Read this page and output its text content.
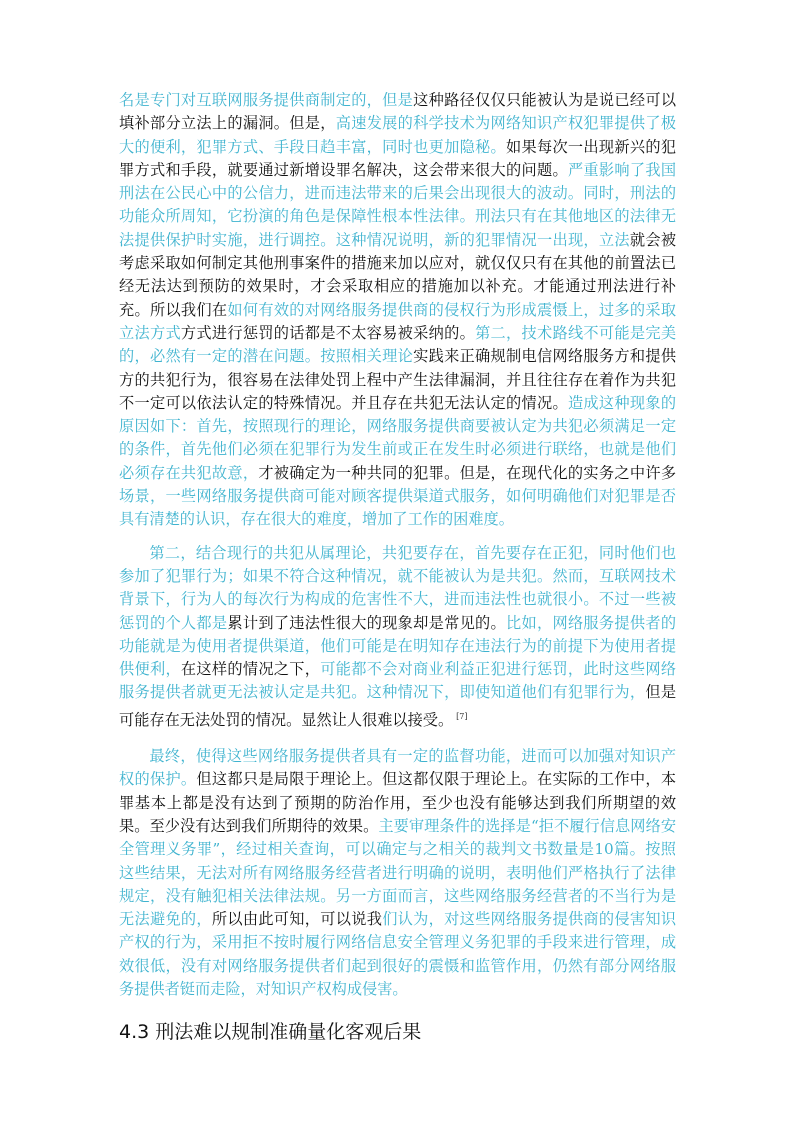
名是专门对互联网服务提供商制定的，但是这种路径仅仅只能被认为是说已经可以填补部分立法上的漏洞。但是，高速发展的科学技术为网络知识产权犯罪提供了极大的便利，犯罪方式、手段日趋丰富，同时也更加隐秘。如果每次一出现新兴的犯罪方式和手段，就要通过新增设罪名解决，这会带来很大的问题。严重影响了我国刑法在公民心中的公信力，进而违法带来的后果会出现很大的波动。同时，刑法的功能众所周知，它扮演的角色是保障性根本性法律。刑法只有在其他地区的法律无法提供保护时实施，进行调控。这种情况说明，新的犯罪情况一出现，立法就会被考虑采取如何制定其他刑事案件的措施来加以应对，就仅仅只有在其他的前置法已经无法达到预防的效果时，才会采取相应的措施加以补充。才能通过刑法进行补充。所以我们在如何有效的对网络服务提供商的侵权行为形成震慑上，过多的采取立法方式方式进行惩罚的话都是不太容易被采纳的。第二，技术路线不可能是完美的，必然有一定的潜在问题。按照相关理论实践来正确规制电信网络服务方和提供方的共犯行为，很容易在法律处罚上程中产生法律漏洞，并且往往存在着作为共犯不一定可以依法认定的特殊情况。并且存在共犯无法认定的情况。造成这种现象的原因如下：首先，按照现行的理论，网络服务提供商要被认定为共犯必须满足一定的条件，首先他们必须在犯罪行为发生前或正在发生时必须进行联络，也就是他们必须存在共犯故意，才被确定为一种共同的犯罪。但是，在现代化的实务之中许多场景，一些网络服务提供商可能对顾客提供渠道式服务，如何明确他们对犯罪是否具有清楚的认识，存在很大的难度，增加了工作的困难度。

第二，结合现行的共犯从属理论，共犯要存在，首先要存在正犯，同时他们也参加了犯罪行为；如果不符合这种情况，就不能被认为是共犯。然而，互联网技术背景下，行为人的每次行为构成的危害性不大，进而违法性也就很小。不过一些被惩罚的个人都是累计到了违法性很大的现象却是常见的。比如，网络服务提供者的功能就是为使用者提供渠道，他们可能是在明知存在违法行为的前提下为使用者提供便利，在这样的情况之下，可能都不会对商业利益正犯进行惩罚，此时这些网络服务提供者就更无法被认定是共犯。这种情况下，即使知道他们有犯罪行为，但是可能存在无法处罚的情况。显然让人很难以接受。 [7]

最终，使得这些网络服务提供者具有一定的监督功能，进而可以加强对知识产权的保护。但这都只是局限于理论上。但这都仅限于理论上。在实际的工作中，本罪基本上都是没有达到了预期的防治作用，至少也没有能够达到我们所期望的效果。至少没有达到我们所期待的效果。主要审理条件的选择是“拒不履行信息网络安全管理义务罪”，经过相关查询，可以确定与之相关的裁判文书数量是10篇。按照这些结果，无法对所有网络服务经营者进行明确的说明，表明他们严格执行了法律规定，没有触犯相关法律法规。另一方面而言，这些网络服务经营者的不当行为是无法避免的，所以由此可知，可以说我们认为，对这些网络服务提供商的侵害知识产权的行为，采用拒不按时履行网络信息安全管理义务犯罪的手段来进行管理，成效很低，没有对网络服务提供者们起到很好的震慑和监管作用，仍然有部分网络服务提供者铤而走险，对知识产权构成侵害。

4.3 刑法难以规制准确量化客观后果
